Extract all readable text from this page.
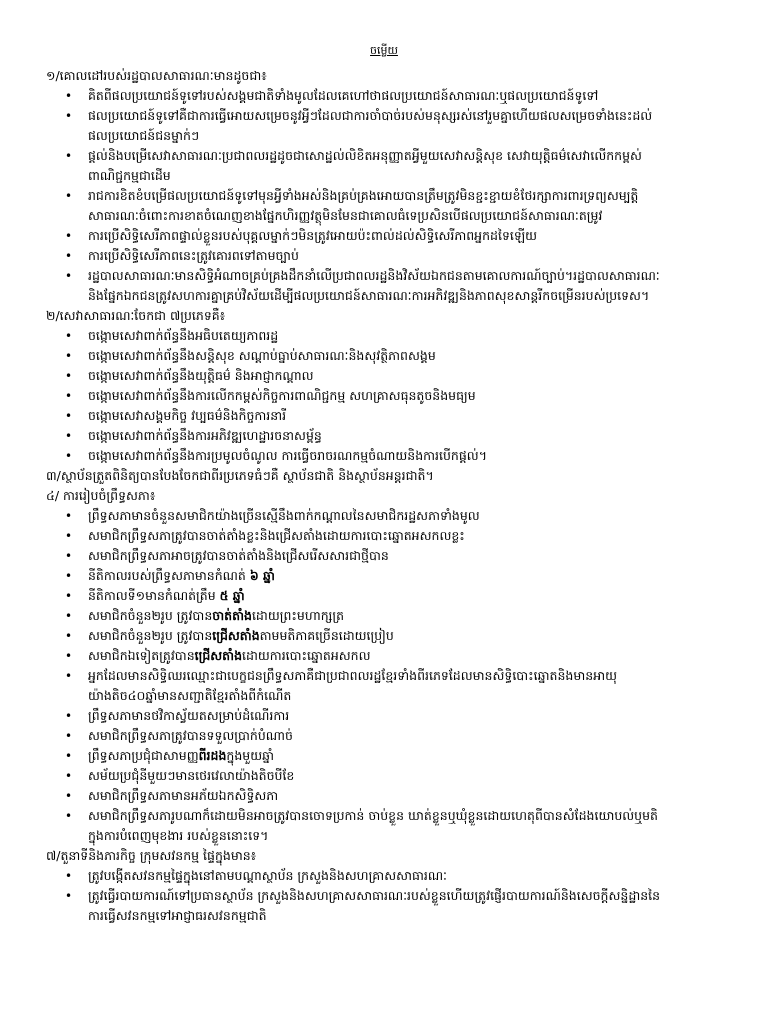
ចម្លើយ
១/គោលដៅរបស់រដ្ឋបាលសាធារណៈមានដូចជា៖
• គិតពីផលប្រយោជន៍ទូទៅរបស់សង្គមជាតិទាំងមូលដែលគេហៅថាផលប្រយោជន៍សាធារណៈឬផលប្រយោជន៍ទូទៅ
• ផលប្រយោជន៍ទូទៅគឺជាការធ្វើអោយសម្រេចនូវអ្វីៗដែលជាការចាំបាច់របស់មនុស្សរស់នៅរួមគ្នាហើយផលសម្រេចទាំងនេះដល់
ផលប្រយោជន៍ជនម្នាក់ៗ
• ផ្តល់និងបម្រើសេវាសាធារណៈប្រជាពលរដ្ឋដូចជាសោដ្ឋល់លិខិតអនុញ្ញាតអ្វីមួយសេវាសន្តិសុខ សេវាយុត្តិធម៌សេវាលើកកម្ពស់
ពាណិជ្ជកម្មជាដើម
• រាជការខិតខំបម្រើផលប្រយោជន៍ទូទៅមុនអ្វីទាំងអស់និងគ្រប់គ្រងអោយបានត្រឹមត្រូវមិនខ្ជះខ្ជាយខំថែរក្សាការពារទ្រព្យសម្បត្តិ
សាធារណៈចំពោះការខាតចំណេញខាងផ្នែកហិរញ្ញវត្ថុមិនមែនជាគោលធំទេប្រសិនបើផលប្រយោជន៍សាធារណៈតម្រូវ
• ការប្រើសិទ្ធិសេរីភាពផ្ទាល់ខ្លួនរបស់បុគ្គលម្នាក់ៗមិនត្រូវអោយប៉ះពាល់ដល់សិទ្ធិសេរីភាពអ្នកដទៃឡើយ
• ការប្រើសិទ្ធិសេរីភាពនេះត្រូវគោរពទៅតាមច្បាប់
• រដ្ឋបាលសាធារណៈមានសិទ្ធិអំណាចគ្រប់គ្រងដឹកនាំលើប្រជាពលរដ្ឋនិងវិស័យឯកជនតាមគោលការណ៍ច្បាប់។រដ្ឋបាលសាធារណៈ
និងផ្នែកឯកជនត្រូវសហការគ្នាគ្រប់វិស័យដើម្បីផលប្រយោជន៍សាធារណៈការអភិវឌ្ឍនិងភាពសុខសាន្តរីកចម្រើនរបស់ប្រទេស។
២/សេវាសាធារណៈចែកជា ៧ប្រភេទគឺ៖
• ចង្កោមសេវាពាក់ព័ន្ធនឹងអធិបតេយ្យភាពរដ្ឋ
• ចង្កោមសេវាពាក់ព័ន្ធនឹងសន្តិសុខ សណ្តាប់ធ្នាប់សាធារណៈនិងសុវត្ថិភាពសង្គម
• ចង្កោមសេវាពាក់ព័ន្ធនឹងយុត្តិធម៌ និងអាជ្ញាកណ្តាល
• ចង្កោមសេវាពាក់ព័ន្ធនឹងការលើកកម្ពស់កិច្ចការពាណិជ្ជកម្ម សហគ្រាសធុនតូចនិងមធ្យម
• ចង្កោមសេវាសង្គមកិច្ច វប្បធម៌និងកិច្ចការនារី
• ចង្កោមសេវាពាក់ព័ន្ធនឹងការអភិវឌ្ឍហេដ្ឋារចនាសម្ព័ន្ធ
• ចង្កោមសេវាពាក់ព័ន្ធនឹងការប្រមូលចំណូល ការធ្វើចរាចរណកម្មចំណាយនិងការបើកផ្តល់។
៣/ស្ថាប័នត្រួតពិនិត្យបានបែងចែកជាពីរប្រភេទធំៗគឺ ស្ថាប័នជាតិ និងស្ថាប័នអន្តរជាតិ។
៤/ ការរៀបចំព្រឹទ្ធសភា៖
• ព្រឹទ្ធសភាមានចំនួនសមាជិកយ៉ាងច្រើនស្មើនឹងពាក់កណ្តាលនៃសមាជិករដ្ឋសភាទាំងមូល
• សមាជិកព្រឹទ្ធសភាត្រូវបានចាត់តាំងខ្លះនិងជ្រើសតាំងដោយការបោះឆ្នោតអសកលខ្លះ
• សមាជិកព្រឹទ្ធសភាអាចត្រូវបានចាត់តាំងនិងជ្រើសរើសសារជាថ្មីបាន
• នីតិកាលរបស់ព្រឹទ្ធសភាមានកំណត់ ៦ ឆ្នាំ
• នីតិកាលទី១មានកំណត់ត្រឹម ៥ ឆ្នាំ
• សមាជិកចំនួន២រូប ត្រូវបានចាត់តាំងដោយព្រះមហាក្សត្រ
• សមាជិកចំនួន២រូប ត្រូវបានជ្រើសតាំងតាមមតិភាគច្រើនដោយប្រៀប
• សមាជិកឯទៀតត្រូវបានជ្រើសតាំងដោយការបោះឆ្នោតអសកល
• អ្នកដែលមានសិទ្ធិឈរឈ្មោះជាបេក្ខជនព្រឹទ្ធសភាគឺជាប្រជាពលរដ្ឋខ្មែរទាំងពីរភេទដែលមានសិទ្ធិបោះឆ្នោតនិងមានអាយុ
យ៉ាងតិច៤០ឆ្នាំមានសញ្ជាតិខ្មែរតាំងពីកំណើត
• ព្រឹទ្ធសភាមានថវិកាស្វ័យតសម្រាប់ដំណើរការ
• សមាជិកព្រឹទ្ធសភាត្រូវបានទទួលប្រាក់បំណាច់
• ព្រឹទ្ធសភាប្រជុំជាសាមញ្ញពីរដងក្នុងមួយឆ្នាំ
• សម័យប្រជុំនីមួយៗមានថេរវេលាយ៉ាងតិចបីខែ
• សមាជិកព្រឹទ្ធសភាមានអភ័យឯកសិទ្ធិសភា
• សមាជិកព្រឹទ្ធសភារូបណាក៏ដោយមិនអាចត្រូវបានចោទប្រកាន់ ចាប់ខ្លួន ឃាត់ខ្លួនឬឃុំខ្លួនដោយហេតុពីបានសំដែងយោបល់ឬមតិ
ក្នុងការបំពេញមុខងារ របស់ខ្លួននោះទេ។
៧/តួនាទីនិងភារកិច្ច ក្រុមសវនកម្ម ផ្ទៃក្នុងមាន៖
• ត្រូវបង្កើតសវនកម្មផ្ទៃក្នុងនៅតាមបណ្តាស្ថាប័ន ក្រសួងនិងសហគ្រាសសាធារណៈ
• ត្រូវធ្វើរបាយការណ៍ទៅប្រធានស្ថាប័ន ក្រសួងនិងសហគ្រាសសាធារណៈរបស់ខ្លួនហើយត្រូវផ្ញើរបាយការណ៍និងសេចក្តីសន្និដ្ឋាននៃ
ការធ្វើសវនកម្មទៅអាជ្ញាធរសវនកម្មជាតិ
